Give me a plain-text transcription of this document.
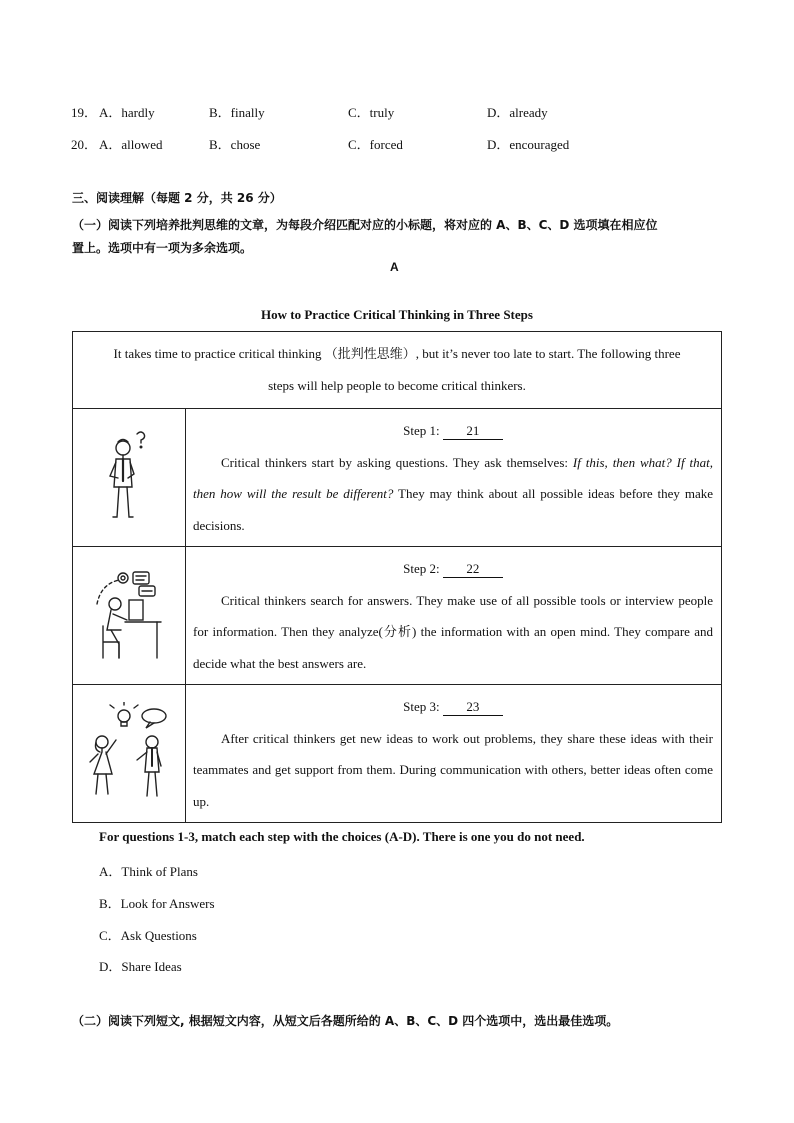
19． A．hardly	B．finally	C．truly	D．already
20． A．allowed	B．chose	C．forced	D．encouraged
三、阅读理解（每题 2 分，共 26 分）
（一）阅读下列培养批判思维的文章，为每段介绍匹配对应的小标题，将对应的 A、B、C、D 选项填在相应位
置上。选项中有一项为多余选项。
A
How to Practice Critical Thinking in Three Steps
It takes time to practice critical thinking （批判性思维）, but it’s never too late to start. The following three
steps will help people to become critical thinkers.	

Step 1: 21
Critical thinkers start by asking questions. They ask themselves: If this, then what? If that, then how will the result be different? They may think about all possible ideas before they make decisions.

Step 2: 22
Critical thinkers search for answers. They make use of all possible tools or interview people for information. Then they analyze(分析) the information with an open mind. They compare and decide what the best answers are.

Step 3: 23
After critical thinkers get new ideas to work out problems, they share these ideas with their teammates and get support from them. During communication with others, better ideas often come up.
For questions 1-3, match each step with the choices (A-D). There is one you do not need.
A．Think of Plans
B．Look for Answers
C．Ask Questions
D．Share Ideas
（二）阅读下列短文, 根据短文内容，从短文后各题所给的 A、B、C、D 四个选项中，选出最佳选项。
